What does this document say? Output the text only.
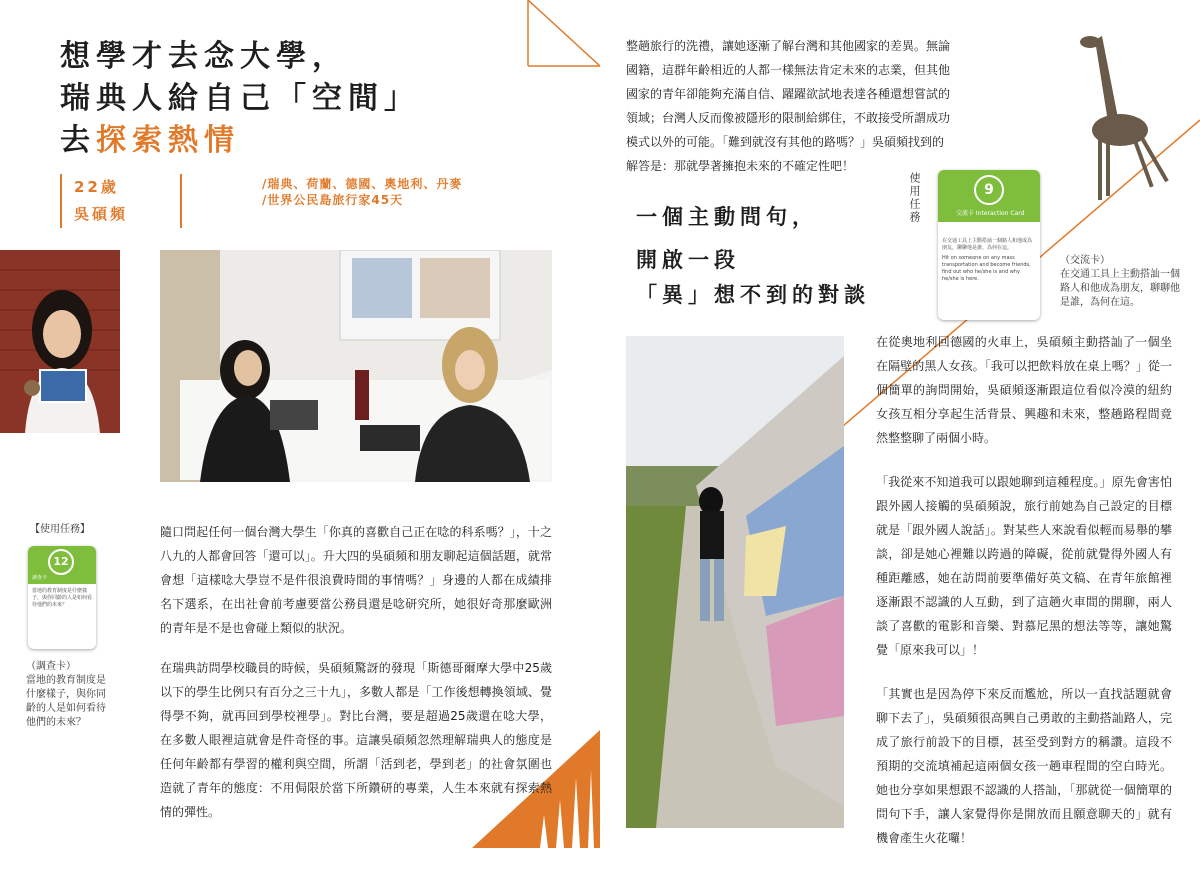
想學才去念大學，
瑞典人給自己「空間」
去探索熱情
22歲
吳碩頻
/瑞典、荷蘭、德國、奧地利、丹麥
/世界公民島旅行家45天

隨口問起任何一個台灣大學生「你真的喜歡自己正在唸的科系嗎？」，十之八九的人都會回答「還可以」。升大四的吳碩頻和朋友聊起這個話題，就常會想「這樣唸大學豈不是件很浪費時間的事情嗎？」身邊的人都在成績排名下選系，在出社會前考慮要當公務員還是唸研究所，她很好奇那麼歐洲的青年是不是也會碰上類似的狀況。

在瑞典訪問學校職員的時候，吳碩頻驚訝的發現「斯德哥爾摩大學中25歲以下的學生比例只有百分之三十九」，多數人都是「工作後想轉換領域、覺得學不夠，就再回到學校裡學」。對比台灣，要是超過25歲還在唸大學，在多數人眼裡這就會是件奇怪的事。這讓吳碩頻忽然理解瑞典人的態度是任何年齡都有學習的權利與空間，所謂「活到老，學到老」的社會氛圍也造就了青年的態度：不用侷限於當下所鑽研的專業，人生本來就有探索熱情的彈性。

【使用任務】
12
調查卡
當地的教育制度是什麼樣子，與你同齡的人是如何看待他們的未來？
（調查卡）
當地的教育制度是
什麼樣子，與你同
齡的人是如何看待
他們的未來？
整趟旅行的洗禮，讓她逐漸了解台灣和其他國家的差異。無論國籍，這群年齡相近的人都一樣無法肯定未來的志業，但其他國家的青年卻能夠充滿自信、躍躍欲試地表達各種還想嘗試的領域；台灣人反而像被隱形的限制給綁住，不敢接受所謂成功模式以外的可能。「難到就沒有其他的路嗎？」吳碩頻找到的解答是：那就學著擁抱未來的不確定性吧！
使用任務	9
交流卡 Interaction Card
在交通工具上主動搭訕一個路人和他成為朋友，聊聊他是誰、為何在這。
Hit on someone on any mass transportation and become friends, find out who he/she is and why he/she is here.
（交流卡）
在交通工具上主動搭訕一個
路人和他成為朋友，聊聊他
是誰，為何在這。
一個主動問句，
開啟一段
「異」想不到的對談

在從奧地利回德國的火車上，吳碩頻主動搭訕了一個坐在隔壁的黑人女孩。「我可以把飲料放在桌上嗎？」從一個簡單的詢問開始，吳碩頻逐漸跟這位看似冷漠的紐約女孩互相分享起生活背景、興趣和未來，整趟路程間竟然整整聊了兩個小時。

「我從來不知道我可以跟她聊到這種程度。」原先會害怕跟外國人接觸的吳碩頻說，旅行前她為自己設定的目標就是「跟外國人說話」。對某些人來說看似輕而易舉的攀談，卻是她心裡難以跨過的障礙，從前就覺得外國人有種距離感，她在訪問前要準備好英文稿、在青年旅館裡逐漸跟不認識的人互動，到了這趟火車間的開聊，兩人談了喜歡的電影和音樂、對慕尼黑的想法等等，讓她驚覺「原來我可以」！

「其實也是因為停下來反而尷尬，所以一直找話題就會聊下去了」，吳碩頻很高興自己勇敢的主動搭訕路人，完成了旅行前設下的目標，甚至受到對方的稱讚。這段不預期的交流填補起這兩個女孩一趟車程間的空白時光。她也分享如果想跟不認識的人搭訕，「那就從一個簡單的問句下手，讓人家覺得你是開放而且願意聊天的」就有機會產生火花囉！
